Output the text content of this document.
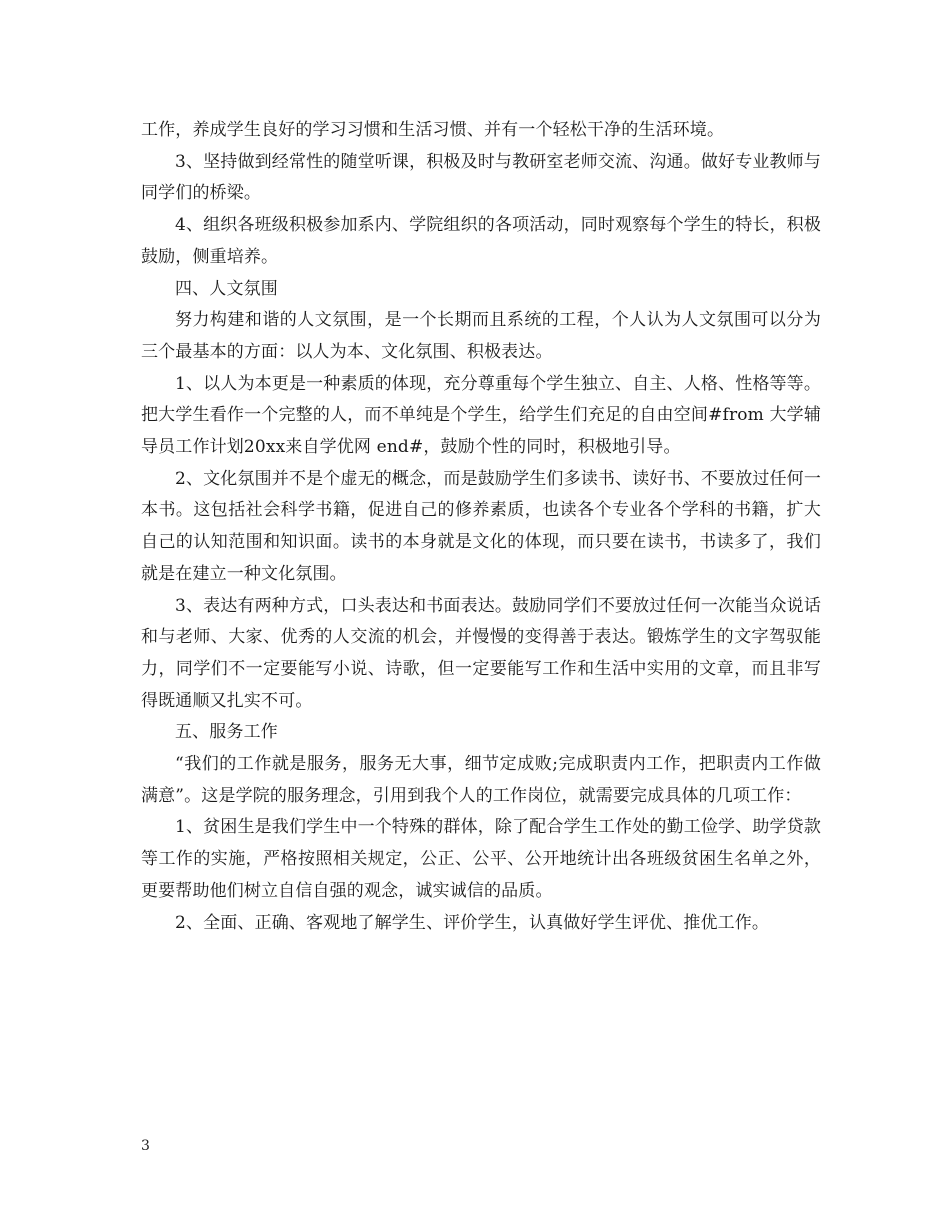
工作，养成学生良好的学习习惯和生活习惯、并有一个轻松干净的生活环境。

3、坚持做到经常性的随堂听课，积极及时与教研室老师交流、沟通。做好专业教师与同学们的桥梁。

4、组织各班级积极参加系内、学院组织的各项活动，同时观察每个学生的特长，积极鼓励，侧重培养。

四、人文氛围

努力构建和谐的人文氛围，是一个长期而且系统的工程，个人认为人文氛围可以分为三个最基本的方面：以人为本、文化氛围、积极表达。

1、以人为本更是一种素质的体现，充分尊重每个学生独立、自主、人格、性格等等。把大学生看作一个完整的人，而不单纯是个学生，给学生们充足的自由空间#from 大学辅导员工作计划20xx来自学优网 end#，鼓励个性的同时，积极地引导。

2、文化氛围并不是个虚无的概念，而是鼓励学生们多读书、读好书、不要放过任何一本书。这包括社会科学书籍，促进自己的修养素质，也读各个专业各个学科的书籍，扩大自己的认知范围和知识面。读书的本身就是文化的体现，而只要在读书，书读多了，我们就是在建立一种文化氛围。

3、表达有两种方式，口头表达和书面表达。鼓励同学们不要放过任何一次能当众说话和与老师、大家、优秀的人交流的机会，并慢慢的变得善于表达。锻炼学生的文字驾驭能力，同学们不一定要能写小说、诗歌，但一定要能写工作和生活中实用的文章，而且非写得既通顺又扎实不可。

五、服务工作

“我们的工作就是服务，服务无大事，细节定成败;完成职责内工作，把职责内工作做满意”。这是学院的服务理念，引用到我个人的工作岗位，就需要完成具体的几项工作：

1、贫困生是我们学生中一个特殊的群体，除了配合学生工作处的勤工俭学、助学贷款等工作的实施，严格按照相关规定，公正、公平、公开地统计出各班级贫困生名单之外，更要帮助他们树立自信自强的观念，诚实诚信的品质。

2、全面、正确、客观地了解学生、评价学生，认真做好学生评优、推优工作。

3
